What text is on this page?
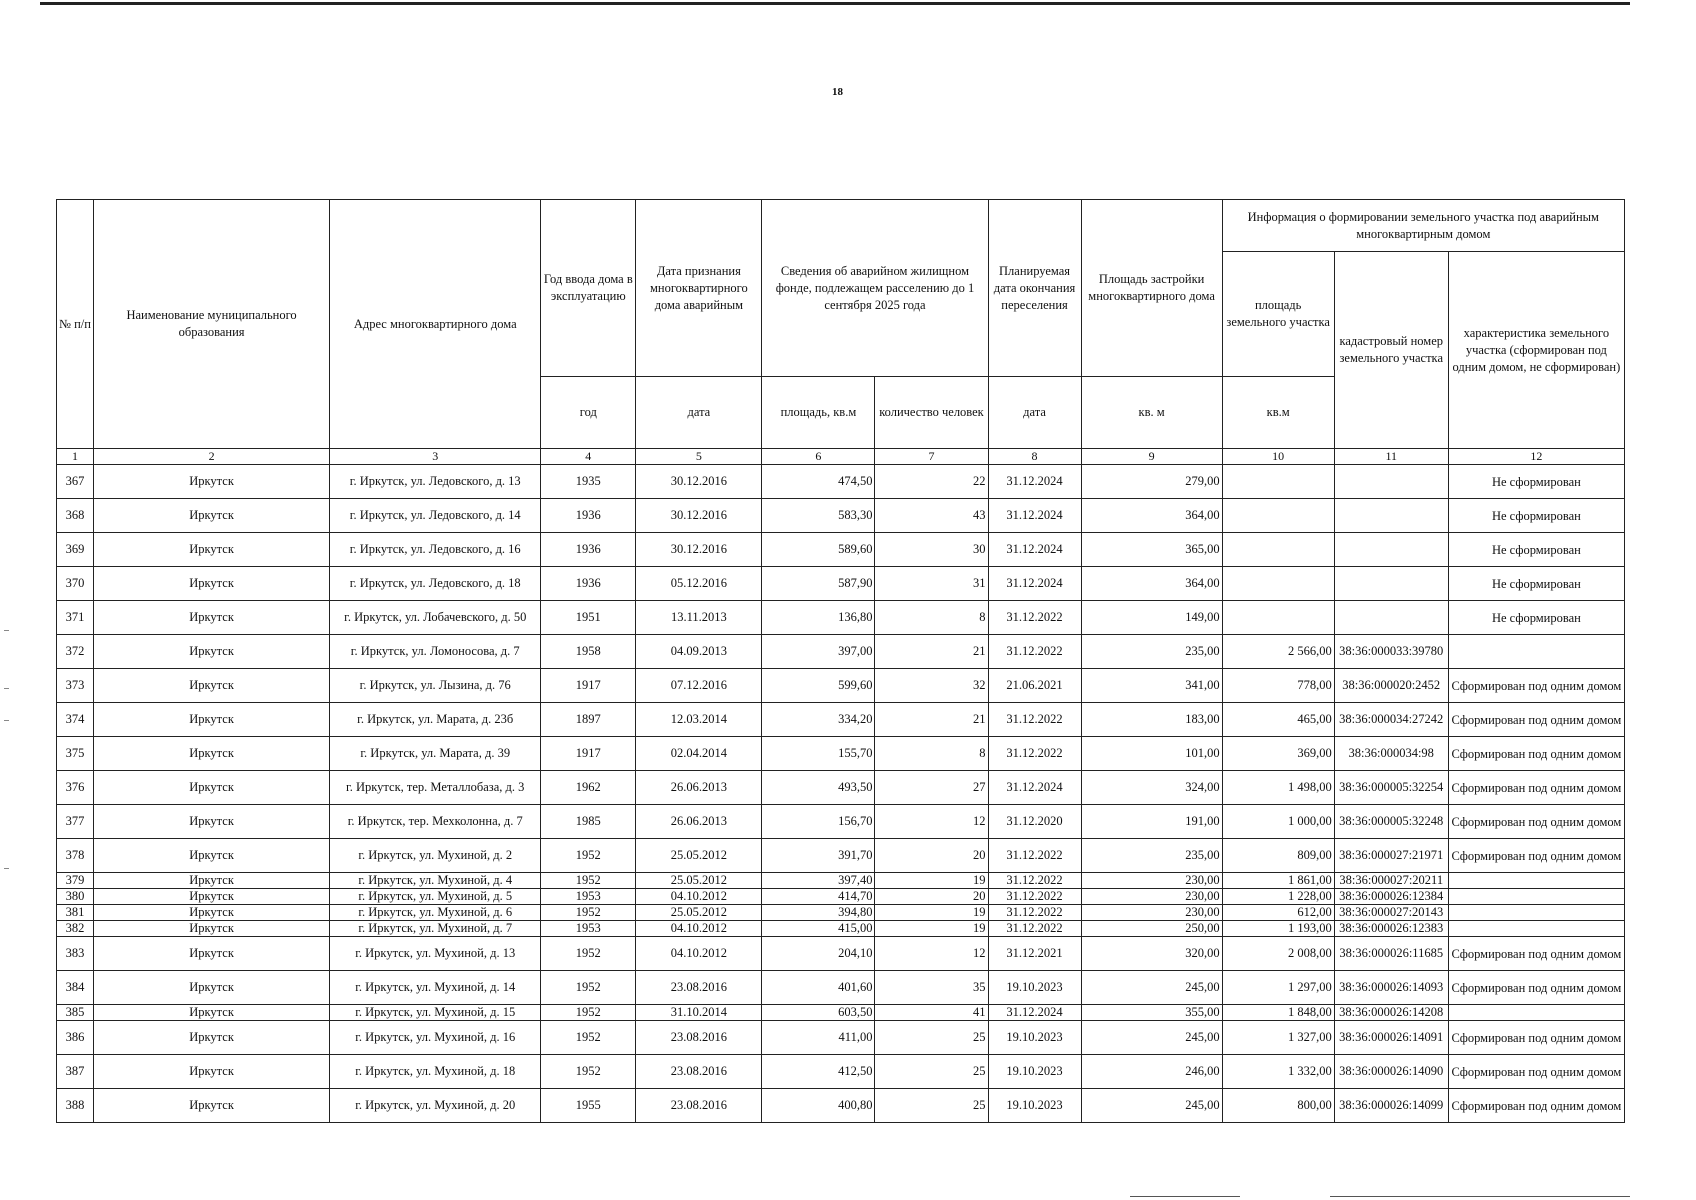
18
№ п/п	Наименование муниципального образования	Адрес многоквартирного дома	Год ввода дома в эксплуатацию	Дата признания многоквартирного дома аварийным	Сведения об аварийном жилищном фонде, подлежащем расселению до 1 сентября 2025 года		Планируемая дата окончания переселения	Площадь застройки многоквартирного дома	Информация о формировании земельного участка под аварийным многоквартирным домом		
									площадь земельного участка	кадастровый номер земельного участка	характеристика земельного участка (сформирован под одним домом, не сформирован)
			год	дата	площадь, кв.м	количество человек	дата	кв. м	кв.м		
1	2	3	4	5	6	7	8	9	10	11	12
367	Иркутск	г. Иркутск, ул. Ледовского, д. 13	1935	30.12.2016	474,50	22	31.12.2024	279,00			Не сформирован
368	Иркутск	г. Иркутск, ул. Ледовского, д. 14	1936	30.12.2016	583,30	43	31.12.2024	364,00			Не сформирован
369	Иркутск	г. Иркутск, ул. Ледовского, д. 16	1936	30.12.2016	589,60	30	31.12.2024	365,00			Не сформирован
370	Иркутск	г. Иркутск, ул. Ледовского, д. 18	1936	05.12.2016	587,90	31	31.12.2024	364,00			Не сформирован
371	Иркутск	г. Иркутск, ул. Лобачевского, д. 50	1951	13.11.2013	136,80	8	31.12.2022	149,00			Не сформирован
372	Иркутск	г. Иркутск, ул. Ломоносова, д. 7	1958	04.09.2013	397,00	21	31.12.2022	235,00	2 566,00	38:36:000033:39780	
373	Иркутск	г. Иркутск, ул. Лызина, д. 76	1917	07.12.2016	599,60	32	21.06.2021	341,00	778,00	38:36:000020:2452	Сформирован под одним домом
374	Иркутск	г. Иркутск, ул. Марата, д. 23б	1897	12.03.2014	334,20	21	31.12.2022	183,00	465,00	38:36:000034:27242	Сформирован под одним домом
375	Иркутск	г. Иркутск, ул. Марата, д. 39	1917	02.04.2014	155,70	8	31.12.2022	101,00	369,00	38:36:000034:98	Сформирован под одним домом
376	Иркутск	г. Иркутск, тер. Металлобаза, д. 3	1962	26.06.2013	493,50	27	31.12.2024	324,00	1 498,00	38:36:000005:32254	Сформирован под одним домом
377	Иркутск	г. Иркутск, тер. Мехколонна, д. 7	1985	26.06.2013	156,70	12	31.12.2020	191,00	1 000,00	38:36:000005:32248	Сформирован под одним домом
378	Иркутск	г. Иркутск, ул. Мухиной, д. 2	1952	25.05.2012	391,70	20	31.12.2022	235,00	809,00	38:36:000027:21971	Сформирован под одним домом
379	Иркутск	г. Иркутск, ул. Мухиной, д. 4	1952	25.05.2012	397,40	19	31.12.2022	230,00	1 861,00	38:36:000027:20211	
380	Иркутск	г. Иркутск, ул. Мухиной, д. 5	1953	04.10.2012	414,70	20	31.12.2022	230,00	1 228,00	38:36:000026:12384	
381	Иркутск	г. Иркутск, ул. Мухиной, д. 6	1952	25.05.2012	394,80	19	31.12.2022	230,00	612,00	38:36:000027:20143	
382	Иркутск	г. Иркутск, ул. Мухиной, д. 7	1953	04.10.2012	415,00	19	31.12.2022	250,00	1 193,00	38:36:000026:12383	
383	Иркутск	г. Иркутск, ул. Мухиной, д. 13	1952	04.10.2012	204,10	12	31.12.2021	320,00	2 008,00	38:36:000026:11685	Сформирован под одним домом
384	Иркутск	г. Иркутск, ул. Мухиной, д. 14	1952	23.08.2016	401,60	35	19.10.2023	245,00	1 297,00	38:36:000026:14093	Сформирован под одним домом
385	Иркутск	г. Иркутск, ул. Мухиной, д. 15	1952	31.10.2014	603,50	41	31.12.2024	355,00	1 848,00	38:36:000026:14208	
386	Иркутск	г. Иркутск, ул. Мухиной, д. 16	1952	23.08.2016	411,00	25	19.10.2023	245,00	1 327,00	38:36:000026:14091	Сформирован под одним домом
387	Иркутск	г. Иркутск, ул. Мухиной, д. 18	1952	23.08.2016	412,50	25	19.10.2023	246,00	1 332,00	38:36:000026:14090	Сформирован под одним домом
388	Иркутск	г. Иркутск, ул. Мухиной, д. 20	1955	23.08.2016	400,80	25	19.10.2023	245,00	800,00	38:36:000026:14099	Сформирован под одним домом
